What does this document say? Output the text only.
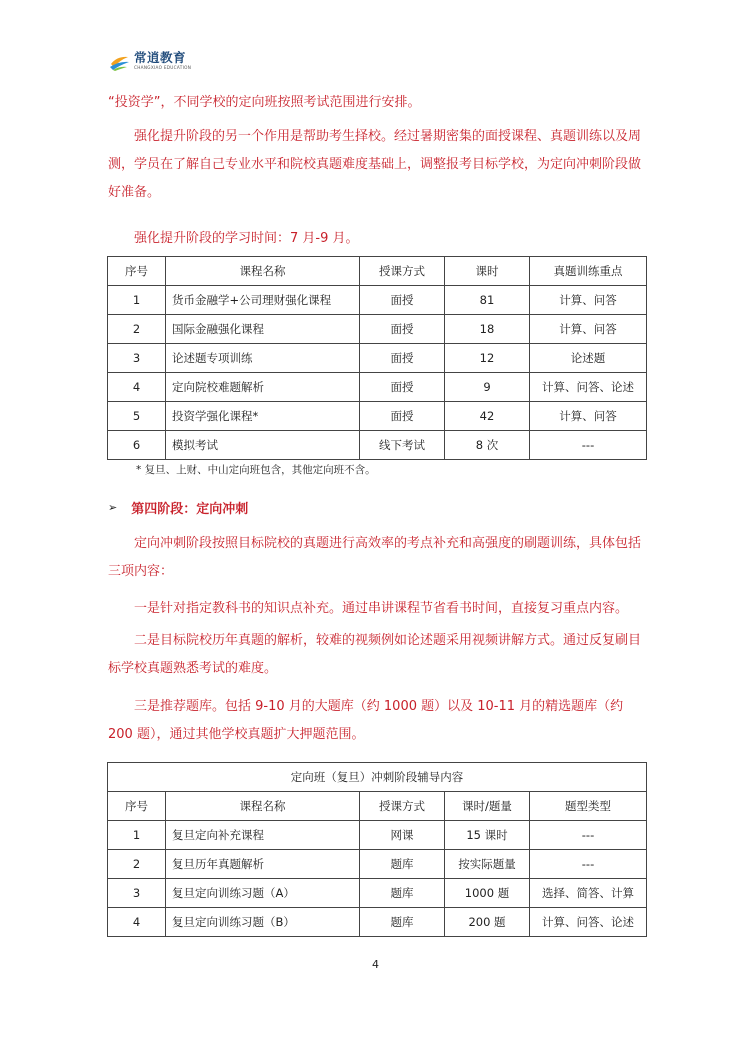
常逍教育
CHANGXIAO EDUCATION

“投资学”，不同学校的定向班按照考试范围进行安排。

强化提升阶段的另一个作用是帮助考生择校。经过暑期密集的面授课程、真题训练以及周测，学员在了解自己专业水平和院校真题难度基础上，调整报考目标学校，为定向冲刺阶段做好准备。

强化提升阶段的学习时间：7 月-9 月。

序号	课程名称	授课方式	课时	真题训练重点
1	货币金融学+公司理财强化课程	面授	81	计算、问答
2	国际金融强化课程	面授	18	计算、问答
3	论述题专项训练	面授	12	论述题
4	定向院校难题解析	面授	9	计算、问答、论述
5	投资学强化课程*	面授	42	计算、问答
6	模拟考试	线下考试	8 次	---
* 复旦、上财、中山定向班包含，其他定向班不含。
➢ 第四阶段：定向冲刺

定向冲刺阶段按照目标院校的真题进行高效率的考点补充和高强度的刷题训练，具体包括三项内容：

一是针对指定教科书的知识点补充。通过串讲课程节省看书时间，直接复习重点内容。

二是目标院校历年真题的解析，较难的视频例如论述题采用视频讲解方式。通过反复刷目标学校真题熟悉考试的难度。

三是推荐题库。包括 9-10 月的大题库（约 1000 题）以及 10-11 月的精选题库（约 200 题），通过其他学校真题扩大押题范围。

定向班（复旦）冲刺阶段辅导内容				
序号	课程名称	授课方式	课时/题量	题型类型
1	复旦定向补充课程	网课	15 课时	---
2	复旦历年真题解析	题库	按实际题量	---
3	复旦定向训练习题（A）	题库	1000 题	选择、简答、计算
4	复旦定向训练习题（B）	题库	200 题	计算、问答、论述
4
